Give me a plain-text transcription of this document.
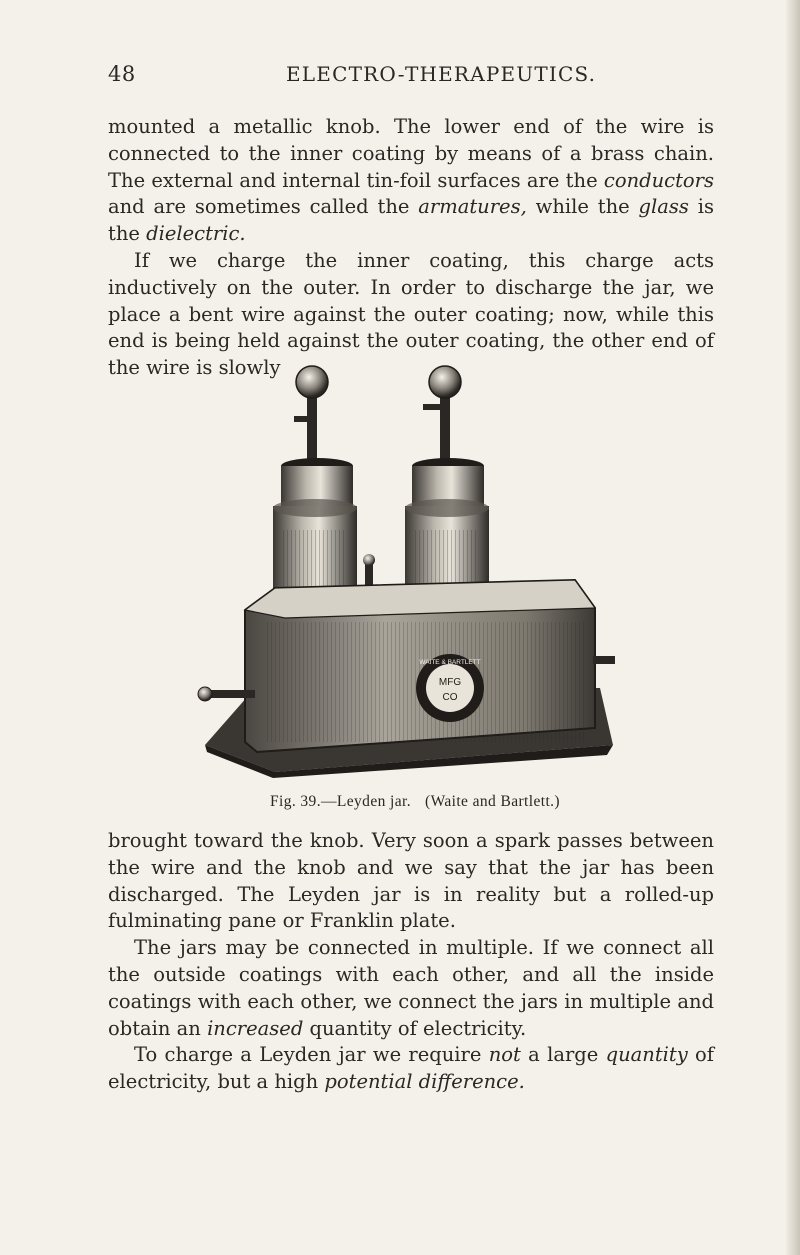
48	ELECTRO-THERAPEUTICS.

mounted a metallic knob. The lower end of the wire is connected to the inner coating by means of a brass chain. The external and internal tin-foil surfaces are the conductors and are sometimes called the armatures, while the glass is the dielectric.

If we charge the inner coating, this charge acts inductively on the outer. In order to discharge the jar, we place a bent wire against the outer coating; now, while this end is being held against the outer coating, the other end of the wire is slowly

WAITE & BARTLETT
MFG
CO
Fig. 39.—Leyden jar. (Waite and Bartlett.)

brought toward the knob. Very soon a spark passes between the wire and the knob and we say that the jar has been discharged. The Leyden jar is in reality but a rolled-up fulminating pane or Franklin plate.

The jars may be connected in multiple. If we connect all the outside coatings with each other, and all the inside coatings with each other, we connect the jars in multiple and obtain an increased quantity of electricity.

To charge a Leyden jar we require not a large quantity of electricity, but a high potential difference.
